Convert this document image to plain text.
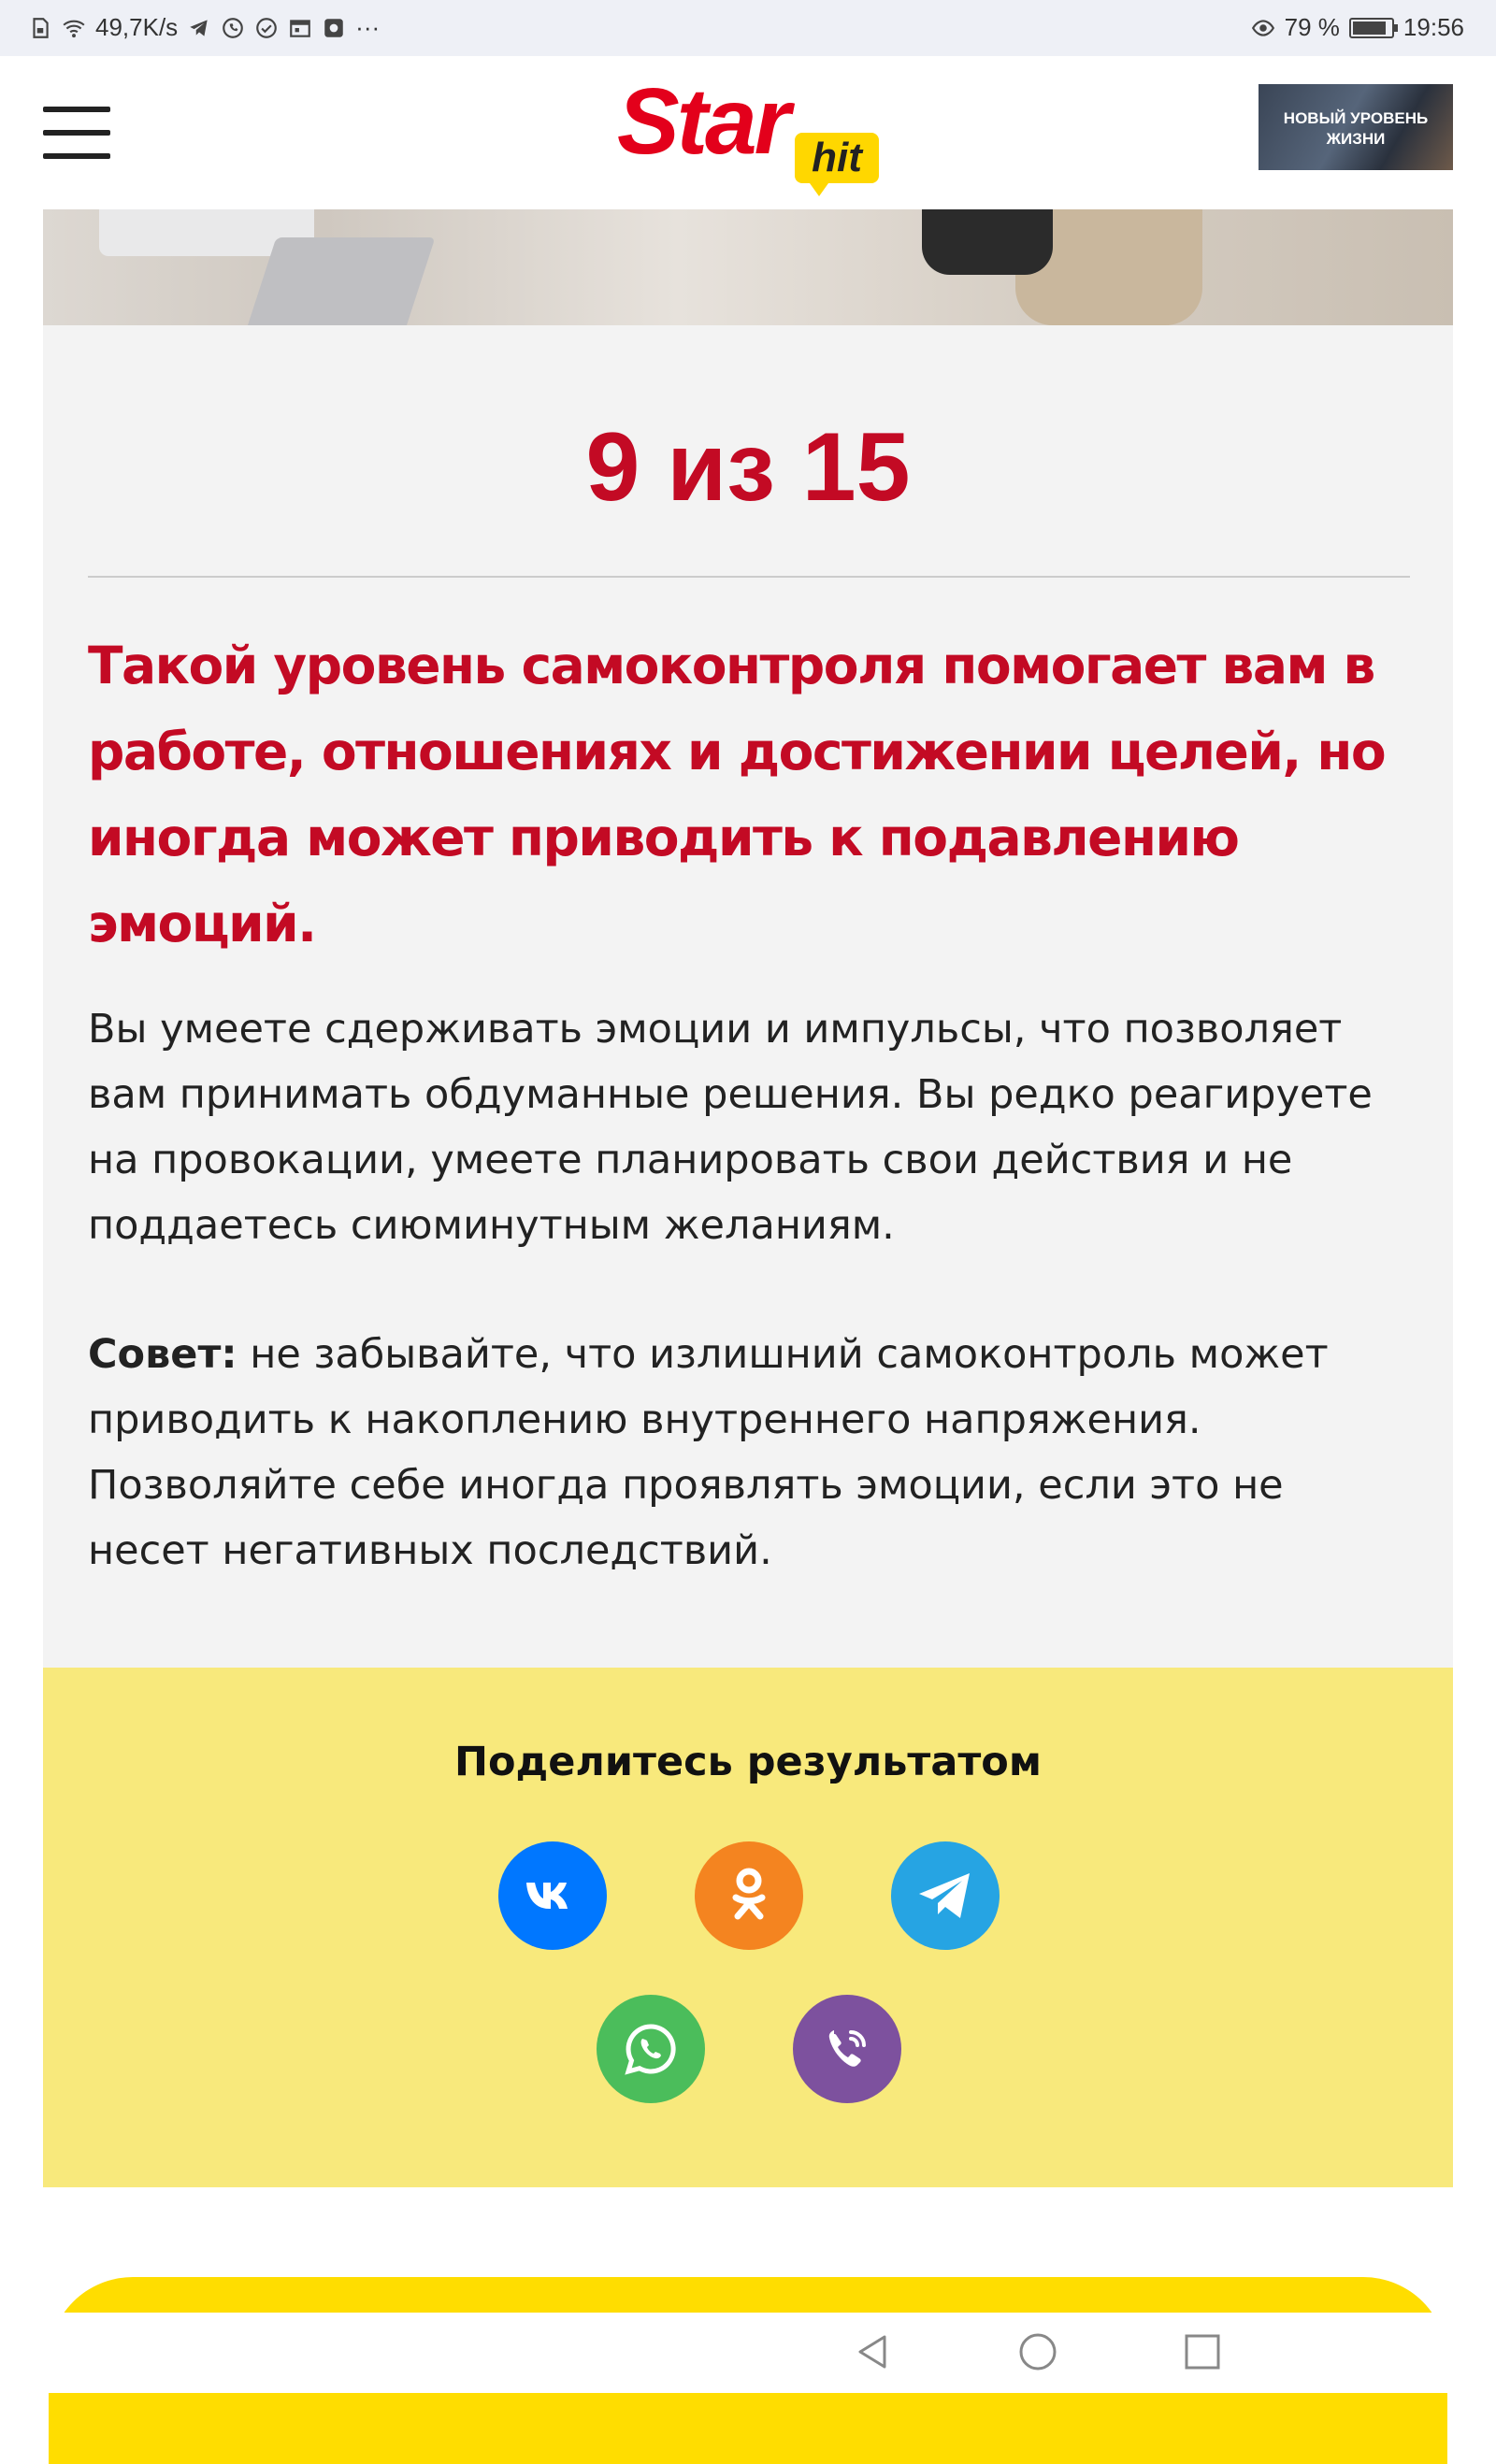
49,7K/s	···	79 %	19:56
Star hit
НОВЫЙ УРОВЕНЬ ЖИЗНИ
9 из 15
Такой уровень самоконтроля помогает вам в работе, отношениях и достижении целей, но иногда может приводить к подавлению эмоций.

Вы умеете сдерживать эмоции и импульсы, что позволяет вам принимать обдуманные решения. Вы редко реагируете на провокации, умеете планировать свои действия и не поддаетесь сиюминутным желаниям.

Совет: не забывайте, что излишний самоконтроль может приводить к накоплению внутреннего напряжения. Позволяйте себе иногда проявлять эмоции, если это не несет негативных последствий.

Поделитесь результатом
